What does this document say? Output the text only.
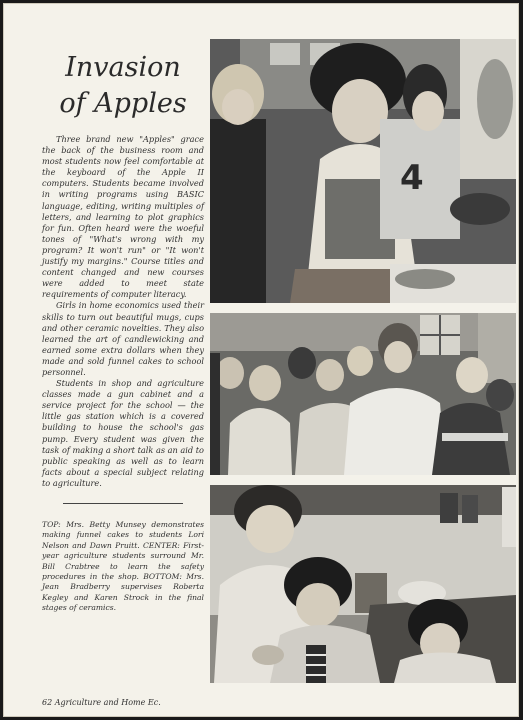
Invasion
of Apples

Three brand new "Apples" grace the back of the business room and most students now feel comfortable at the keyboard of the Apple II computers. Students became involved in writing programs using BASIC language, editing, writing multiples of letters, and learning to plot graphics for fun. Often heard were the woeful tones of "What's wrong with my program? It won't run" or "It won't justify my margins." Course titles and content changed and new courses were added to meet state requirements of computer literacy.

Girls in home economics used their skills to turn out beautiful mugs, cups and other ceramic novelties. They also learned the art of candlewicking and earned some extra dollars when they made and sold funnel cakes to school personnel.

Students in shop and agriculture classes made a gun cabinet and a service project for the school — the little gas station which is a covered building to house the school's gas pump. Every student was given the task of making a short talk as an aid to public speaking as well as to learn facts about a special subject relating to agriculture.

TOP: Mrs. Betty Munsey demonstrates making funnel cakes to students Lori Nelson and Dawn Pruitt. CENTER: First-year agriculture students surround Mr. Bill Crabtree to learn the safety procedures in the shop. BOTTOM: Mrs. Jean Bradberry supervises Roberta Kegley and Karen Strock in the final stages of ceramics.
4
62 Agriculture and Home Ec.
